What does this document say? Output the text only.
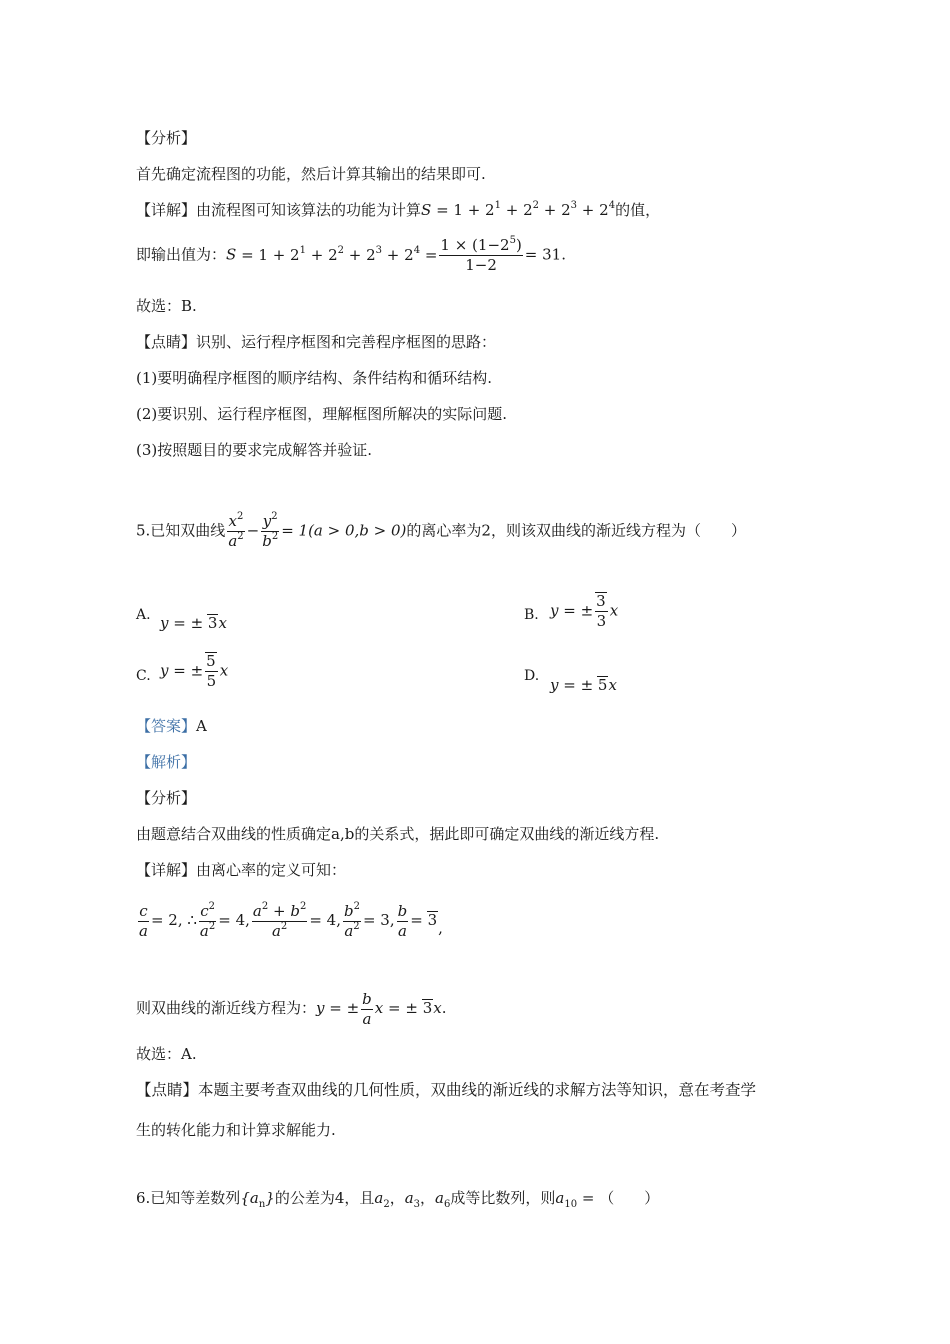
【分析】
首先确定流程图的功能，然后计算其输出的结果即可.
【详解】由流程图可知该算法的功能为计算$S = 1 + 2^1 + 2^2 + 2^3 + 2^4$的值，
即输出值为：$S = 1 + 2^1 + 2^2 + 2^3 + 2^4 = \frac{1 \times (1-2^5)}{1-2} = 31$.
故选：B.
【点睛】识别、运行程序框图和完善程序框图的思路：
(1)要明确程序框图的顺序结构、条件结构和循环结构.
(2)要识别、运行程序框图，理解框图所解决的实际问题.
(3)按照题目的要求完成解答并验证.
5.已知双曲线 $\frac{x^2}{a^2} - \frac{y^2}{b^2} = 1(a > 0,b > 0)$的离心率为2，则该双曲线的渐近线方程为（　　）
A. y = ± 3x	B. y = ± $\frac{3}{3}$ x
C. y = ± $\frac{5}{5}$ x	D. y = ± 5x
【答案】A
【解析】
【分析】
由题意结合双曲线的性质确定a,b的关系式，据此即可确定双曲线的渐近线方程.
【详解】由离心率的定义可知：
$\frac{c}{a} = 2$, ∴ $\frac{c^2}{a^2} = 4$, $\frac{a^2 + b^2}{a^2} = 4$, $\frac{b^2}{a^2} = 3$, $\frac{b}{a} = 3$,
则双曲线的渐近线方程为：y = ± $\frac{b}{a}$ x = ± 3x.
故选：A.
【点睛】本题主要考查双曲线的几何性质，双曲线的渐近线的求解方法等知识，意在考查学
生的转化能力和计算求解能力.
6.已知等差数列$\{a_n\}$的公差为4，且$a_2$，$a_3$，$a_6$成等比数列，则$a_{10}$ = （　　）
